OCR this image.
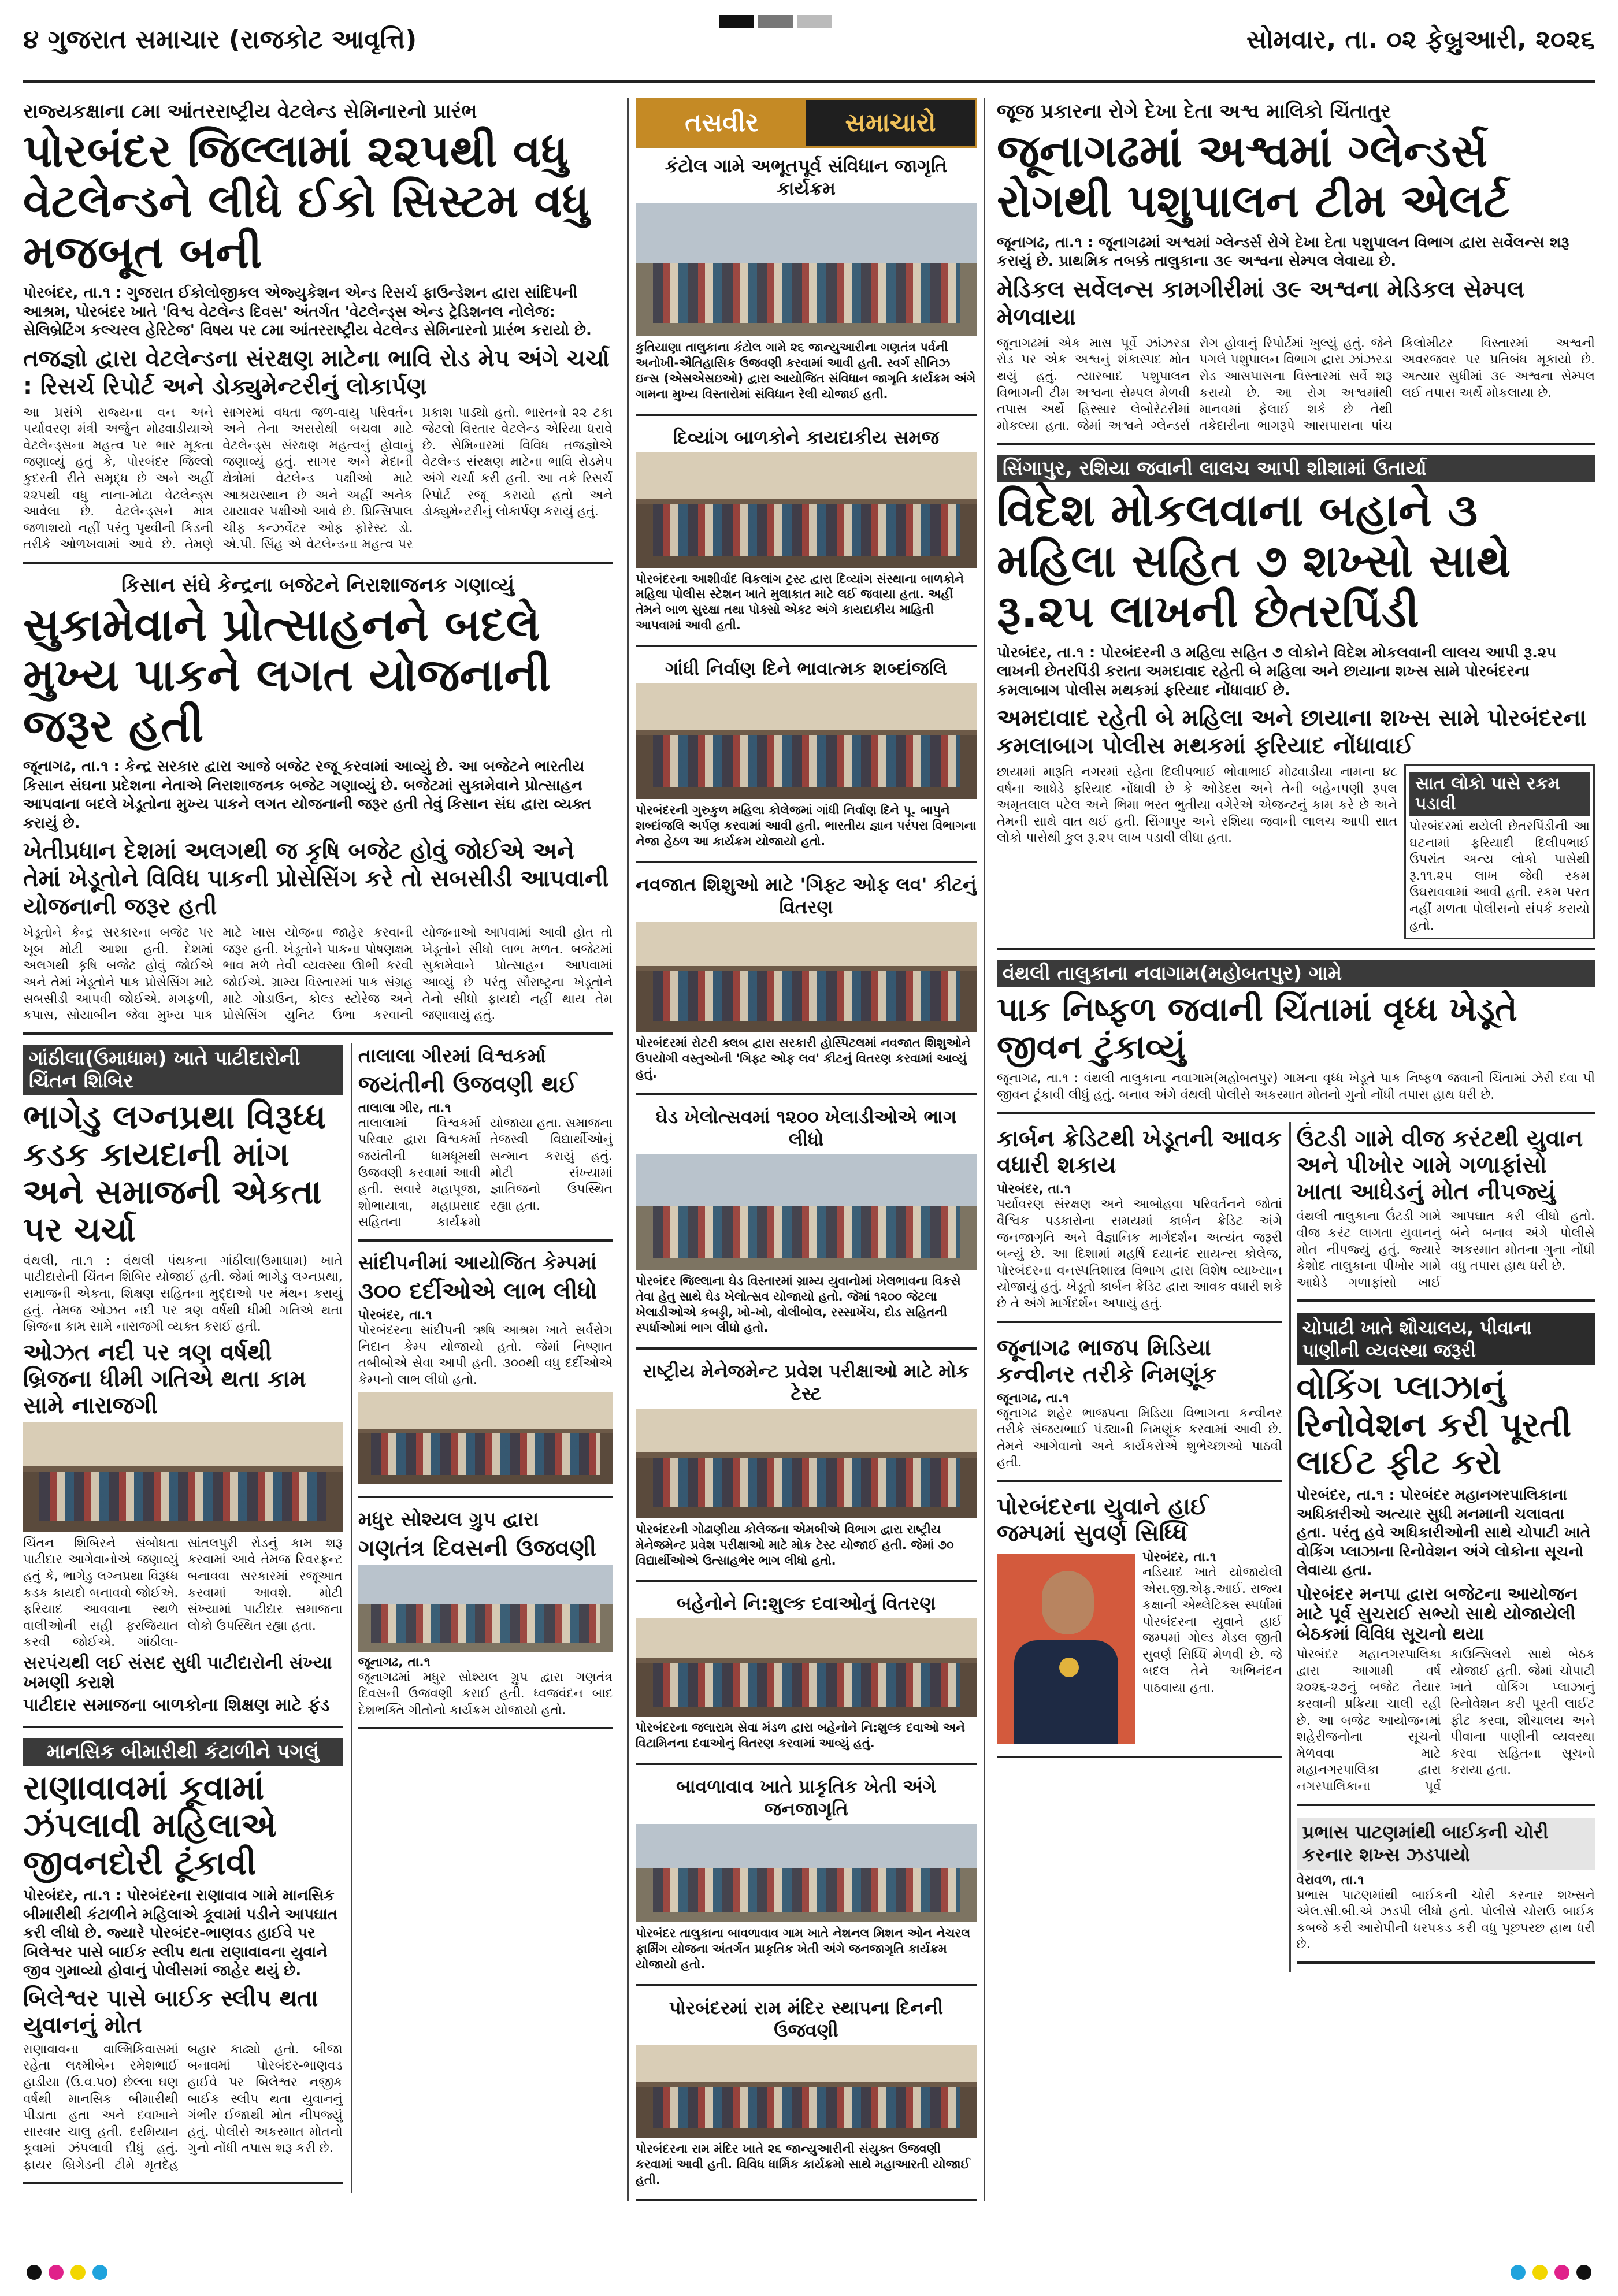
૪ ગુજરાત સમાચાર (રાજકોટ આવૃત્તિ)	સોમવાર, તા. ૦૨ ફેબ્રુઆરી, ૨૦૨૬
રાજ્યકક્ષાના ૮મા આંતરરાષ્ટ્રીય વેટલેન્ડ સેમિનારનો પ્રારંભ
પોરબંદર જિલ્લામાં ૨૨૫થી વધુ વેટલેન્ડને લીધે ઈકો સિસ્ટમ વધુ મજબૂત બની
પોરબંદર, તા.૧ : ગુજરાત ઈકોલોજીકલ એજ્યુકેશન એન્ડ રિસર્ચ ફાઉન્ડેશન દ્વારા સાંદિપની આશ્રમ, પોરબંદર ખાતે 'વિશ્વ વેટલેન્ડ દિવસ' અંતર્ગત 'વેટલેન્ડ્સ એન્ડ ટ્રેડિશનલ નોલેજ: સેલિબ્રેટિંગ કલ્ચરલ હેરિટેજ' વિષય પર ૮મા આંતરરાષ્ટ્રીય વેટલેન્ડ સેમિનારનો પ્રારંભ કરાયો છે.
તજજ્ઞો દ્વારા વેટલેન્ડના સંરક્ષણ માટેના ભાવિ રોડ મેપ અંગે ચર્ચા : રિસર્ચ રિપોર્ટ અને ડોક્યુમેન્ટરીનું લોકાર્પણ
આ પ્રસંગે રાજ્યના વન અને પર્યાવરણ મંત્રી અર્જુન મોઢવાડીયાએ વેટલેન્ડ્સના મહત્વ પર ભાર મૂકતા જણાવ્યું હતું કે, પોરબંદર જિલ્લો કુદરતી રીતે સમૃદ્ધ છે અને અહીં ૨૨૫થી વધુ નાના-મોટા વેટલેન્ડ્સ આવેલા છે. વેટલેન્ડ્સને માત્ર જળાશયો નહીં પરંતુ પૃથ્વીની કિડની તરીકે ઓળખવામાં આવે છે. તેમણે સાગરમાં વધતા જળ-વાયુ પરિવર્તન અને તેના અસરોથી બચવા માટે વેટલેન્ડ્સ સંરક્ષણ મહત્વનું હોવાનું જણાવ્યું હતું. સાગર અને મેદાની ક્ષેત્રોમાં વેટલેન્ડ પક્ષીઓ માટે આશ્રયસ્થાન છે અને અહીં અનેક યાયાવર પક્ષીઓ આવે છે. પ્રિન્સિપાલ ચીફ કન્ઝર્વેટર ઓફ ફોરેસ્ટ ડો. એ.પી. સિંહ એ વેટલેન્ડના મહત્વ પર પ્રકાશ પાડ્યો હતો. ભારતનો ૨૨ ટકા જેટલો વિસ્તાર વેટલેન્ડ એરિયા ધરાવે છે. સેમિનારમાં વિવિધ તજજ્ઞોએ વેટલેન્ડ સંરક્ષણ માટેના ભાવિ રોડમેપ અંગે ચર્ચા કરી હતી. આ તકે રિસર્ચ રિપોર્ટ રજૂ કરાયો હતો અને ડોક્યુમેન્ટરીનું લોકાર્પણ કરાયું હતું.
કિસાન સંઘે કેન્દ્રના બજેટને નિરાશાજનક ગણાવ્યું
સુકામેવાને પ્રોત્સાહનને બદલે મુખ્ય પાકને લગત યોજનાની જરૂર હતી
જૂનાગઢ, તા.૧ : કેન્દ્ર સરકાર દ્વારા આજે બજેટ રજૂ કરવામાં આવ્યું છે. આ બજેટને ભારતીય કિસાન સંઘના પ્રદેશના નેતાએ નિરાશાજનક બજેટ ગણાવ્યું છે. બજેટમાં સુકામેવાને પ્રોત્સાહન આપવાના બદલે ખેડૂતોના મુખ્ય પાકને લગત યોજનાની જરૂર હતી તેવું કિસાન સંઘ દ્વારા વ્યક્ત કરાયું છે.
ખેતીપ્રધાન દેશમાં અલગથી જ કૃષિ બજેટ હોવું જોઈએ અને તેમાં ખેડૂતોને વિવિધ પાકની પ્રોસેસિંગ કરે તો સબસીડી આપવાની યોજનાની જરૂર હતી
ખેડૂતોને કેન્દ્ર સરકારના બજેટ પર ખૂબ મોટી આશા હતી. દેશમાં અલગથી કૃષિ બજેટ હોવું જોઈએ અને તેમાં ખેડૂતોને પાક પ્રોસેસિંગ માટે સબસીડી આપવી જોઈએ. મગફળી, કપાસ, સોયાબીન જેવા મુખ્ય પાક માટે ખાસ યોજના જાહેર કરવાની જરૂર હતી. ખેડૂતોને પાકના પોષણક્ષમ ભાવ મળે તેવી વ્યવસ્થા ઊભી કરવી જોઈએ. ગ્રામ્ય વિસ્તારમાં પાક સંગ્રહ માટે ગોડાઉન, કોલ્ડ સ્ટોરેજ અને પ્રોસેસિંગ યુનિટ ઉભા કરવાની યોજનાઓ આપવામાં આવી હોત તો ખેડૂતોને સીધો લાભ મળત. બજેટમાં સુકામેવાને પ્રોત્સાહન આપવામાં આવ્યું છે પરંતુ સૌરાષ્ટ્રના ખેડૂતોને તેનો સીધો ફાયદો નહીં થાય તેમ જણાવાયું હતું.
ગાંઠીલા(ઉમાધામ) ખાતે પાટીદારોની ચિંતન શિબિર
ભાગેડુ લગ્નપ્રથા વિરૂધ્ધ કડક કાયદાની માંગ અને સમાજની એકતા પર ચર્ચા
વંથલી, તા.૧ : વંથલી પંથકના ગાંઠીલા(ઉમાધામ) ખાતે પાટીદારોની ચિંતન શિબિર યોજાઈ હતી. જેમાં ભાગેડુ લગ્નપ્રથા, સમાજની એકતા, શિક્ષણ સહિતના મુદ્દાઓ પર મંથન કરાયું હતું. તેમજ ઓઝત નદી પર ત્રણ વર્ષથી ધીમી ગતિએ થતા બ્રિજના કામ સામે નારાજગી વ્યક્ત કરાઈ હતી.
ઓઝત નદી પર ત્રણ વર્ષથી બ્રિજના ધીમી ગતિએ થતા કામ સામે નારાજગી
ચિંતન શિબિરને સંબોધતા પાટીદાર આગેવાનોએ જણાવ્યું હતું કે, ભાગેડુ લગ્નપ્રથા વિરૂધ્ધ કડક કાયદો બનાવવો જોઈએ. ફરિયાદ આવવાના સ્થળે વાલીઓની સહી ફરજિયાત કરવી જોઈએ. ગાંઠીલા-સાંતલપુરી રોડનું કામ શરૂ કરવામાં આવે તેમજ રિવરફ્રન્ટ બનાવવા સરકારમાં રજૂઆત કરવામાં આવશે. મોટી સંખ્યામાં પાટીદાર સમાજના લોકો ઉપસ્થિત રહ્યા હતા.
સરપંચથી લઈ સંસદ સુધી પાટીદારોની સંખ્યા ખમણી કરાશે
પાટીદાર સમાજના બાળકોના શિક્ષણ માટે ફંડ
માનસિક બીમારીથી કંટાળીને પગલું
રાણાવાવમાં કૂવામાં ઝંપલાવી મહિલાએ જીવનદોરી ટૂંકાવી
પોરબંદર, તા.૧ : પોરબંદરના રાણાવાવ ગામે માનસિક બીમારીથી કંટાળીને મહિલાએ કૂવામાં પડીને આપઘાત કરી લીધો છે. જ્યારે પોરબંદર-ભાણવડ હાઈવે પર બિલેશ્વર પાસે બાઈક સ્લીપ થતા રાણાવાવના યુવાને જીવ ગુમાવ્યો હોવાનું પોલીસમાં જાહેર થયું છે.
બિલેશ્વર પાસે બાઈક સ્લીપ થતા યુવાનનું મોત
રાણાવાવના વાલ્મિકિવાસમાં રહેતા લક્ષ્મીબેન રમેશભાઈ હાડીયા (ઉ.વ.૫૦) છેલ્લા ઘણ વર્ષથી માનસિક બીમારીથી પીડાતા હતા અને દવાખાને સારવાર ચાલુ હતી. દરમિયાન કૂવામાં ઝંપલાવી દીધું હતું. ફાયર બ્રિગેડની ટીમે મૃતદેહ બહાર કાઢ્યો હતો. બીજા બનાવમાં પોરબંદર-ભાણવડ હાઈવે પર બિલેશ્વર નજીક બાઈક સ્લીપ થતા યુવાનનું ગંભીર ઈજાથી મોત નીપજ્યું હતું. પોલીસે અકસ્માત મોતનો ગુનો નોંધી તપાસ શરૂ કરી છે.
તાલાલા ગીરમાં વિશ્વકર્મા
જયંતીની ઉજવણી થઈ
તાલાલા ગીર, તા.૧
તાલાલામાં વિશ્વકર્મા પરિવાર દ્વારા વિશ્વકર્મા જયંતીની ધામધૂમથી ઉજવણી કરવામાં આવી હતી. સવારે મહાપૂજા, શોભાયાત્રા, મહાપ્રસાદ સહિતના કાર્યક્રમો યોજાયા હતા. સમાજના તેજસ્વી વિદ્યાર્થીઓનું સન્માન કરાયું હતું. મોટી સંખ્યામાં જ્ઞાતિજનો ઉપસ્થિત રહ્યા હતા.
સાંદીપનીમાં આયોજિત કેમ્પમાં
૩૦૦ દર્દીઓએ લાભ લીધો
પોરબંદર, તા.૧
પોરબંદરના સાંદીપની ઋષિ આશ્રમ ખાતે સર્વરોગ નિદાન કેમ્પ યોજાયો હતો. જેમાં નિષ્ણાત તબીબોએ સેવા આપી હતી. ૩૦૦થી વધુ દર્દીઓએ કેમ્પનો લાભ લીધો હતો.
મધુર સોશ્યલ ગ્રુપ દ્વારા
ગણતંત્ર દિવસની ઉજવણી
જૂનાગઢ, તા.૧
જૂનાગઢમાં મધુર સોશ્યલ ગ્રુપ દ્વારા ગણતંત્ર દિવસની ઉજવણી કરાઈ હતી. ધ્વજવંદન બાદ દેશભક્તિ ગીતોનો કાર્યક્રમ યોજાયો હતો.
તસવીર	સમાચારો
કંટોલ ગામે અભૂતપૂર્વ સંવિધાન જાગૃતિ કાર્યક્રમ
કુતિયાણા તાલુકાના કંટોલ ગામે ૨૬ જાન્યુઆરીના ગણતંત્ર પર્વની અનોખી-ઐતિહાસિક ઉજવણી કરવામાં આવી હતી. સ્વર્ગ સીનિઝ ઇન્સ (એસએસઇઓ) દ્વારા આયોજિત સંવિધાન જાગૃતિ કાર્યક્રમ અંગે ગામના મુખ્ય વિસ્તારોમાં સંવિધાન રેલી યોજાઈ હતી.
દિવ્યાંગ બાળકોને કાયદાકીય સમજ
પોરબંદરના આશીર્વાદ વિકલાંગ ટ્રસ્ટ દ્વારા દિવ્યાંગ સંસ્થાના બાળકોને મહિલા પોલીસ સ્ટેશન ખાતે મુલાકાત માટે લઈ જવાયા હતા. અહીં તેમને બાળ સુરક્ષા તથા પોક્સો એક્ટ અંગે કાયદાકીય માહિતી આપવામાં આવી હતી.
ગાંધી નિર્વાણ દિને ભાવાત્મક શબ્દાંજલિ
પોરબંદરની ગુરુકુળ મહિલા કોલેજમાં ગાંધી નિર્વાણ દિને પૂ. બાપુને શબ્દાંજલિ અર્પણ કરવામાં આવી હતી. ભારતીય જ્ઞાન પરંપરા વિભાગના નેજા હેઠળ આ કાર્યક્રમ યોજાયો હતો.
નવજાત શિશુઓ માટે 'ગિફ્ટ ઓફ લવ' કીટનું વિતરણ
પોરબંદરમાં રોટરી ક્લબ દ્વારા સરકારી હોસ્પિટલમાં નવજાત શિશુઓને ઉપયોગી વસ્તુઓની 'ગિફ્ટ ઓફ લવ' કીટનું વિતરણ કરવામાં આવ્યું હતું.
ઘેડ ખેલોત્સવમાં ૧૨૦૦ ખેલાડીઓએ ભાગ લીધો
પોરબંદર જિલ્લાના ઘેડ વિસ્તારમાં ગ્રામ્ય યુવાનોમાં ખેલભાવના વિકસે તેવા હેતુ સાથે ઘેડ ખેલોત્સવ યોજાયો હતો. જેમાં ૧૨૦૦ જેટલા ખેલાડીઓએ કબડ્ડી, ખો-ખો, વોલીબોલ, રસ્સાખેંચ, દોડ સહિતની સ્પર્ધાઓમાં ભાગ લીધો હતો.
રાષ્ટ્રીય મેનેજમેન્ટ પ્રવેશ પરીક્ષાઓ માટે મોક ટેસ્ટ
પોરબંદરની ગોઢાણીયા કોલેજના એમબીએ વિભાગ દ્વારા રાષ્ટ્રીય મેનેજમેન્ટ પ્રવેશ પરીક્ષાઓ માટે મોક ટેસ્ટ યોજાઈ હતી. જેમાં ૭૦ વિદ્યાર્થીઓએ ઉત્સાહભેર ભાગ લીધો હતો.
બહેનોને નિ:શુલ્ક દવાઓનું વિતરણ
પોરબંદરના જલારામ સેવા મંડળ દ્વારા બહેનોને નિ:શુલ્ક દવાઓ અને વિટામિનના દવાઓનું વિતરણ કરવામાં આવ્યું હતું.
બાવળાવાવ ખાતે પ્રાકૃતિક ખેતી અંગે જનજાગૃતિ
પોરબંદર તાલુકાના બાવળાવાવ ગામ ખાતે નેશનલ મિશન ઓન નેચરલ ફાર્મિંગ યોજના અંતર્ગત પ્રાકૃતિક ખેતી અંગે જનજાગૃતિ કાર્યક્રમ યોજાયો હતો.
પોરબંદરમાં રામ મંદિર સ્થાપના દિનની ઉજવણી
પોરબંદરના રામ મંદિર ખાતે ૨૬ જાન્યુઆરીની સંયુક્ત ઉજવણી કરવામાં આવી હતી. વિવિધ ધાર્મિક કાર્યક્રમો સાથે મહાઆરતી યોજાઈ હતી.
જૂજ પ્રકારના રોગે દેખા દેતા અશ્વ માલિકો ચિંતાતુર
જૂનાગઢમાં અશ્વમાં ગ્લેન્ડર્સ રોગથી પશુપાલન ટીમ એલર્ટ
જૂનાગઢ, તા.૧ : જૂનાગઢમાં અશ્વમાં ગ્લેન્ડર્સ રોગે દેખા દેતા પશુપાલન વિભાગ દ્વારા સર્વેલન્સ શરૂ કરાયું છે. પ્રાથમિક તબક્કે તાલુકાના ૩૯ અશ્વના સેમ્પલ લેવાયા છે.
મેડિકલ સર્વેલન્સ કામગીરીમાં ૩૯ અશ્વના મેડિકલ સેમ્પલ મેળવાયા
જૂનાગઢમાં એક માસ પૂર્વે ઝાંઝરડા રોડ પર એક અશ્વનું શંકાસ્પદ મોત થયું હતું. ત્યારબાદ પશુપાલન વિભાગની ટીમ અશ્વના સેમ્પલ મેળવી તપાસ અર્થે હિસ્સાર લેબોરેટરીમાં મોકલ્યા હતા. જેમાં અશ્વને ગ્લેન્ડર્સ રોગ હોવાનું રિપોર્ટમાં ખુલ્યું હતું. જેને પગલે પશુપાલન વિભાગ દ્વારા ઝાંઝરડા રોડ આસપાસના વિસ્તારમાં સર્વે શરૂ કરાયો છે. આ રોગ અશ્વમાંથી માનવમાં ફેલાઈ શકે છે તેથી તકેદારીના ભાગરૂપે આસપાસના પાંચ કિલોમીટર વિસ્તારમાં અશ્વની અવરજવર પર પ્રતિબંધ મૂકાયો છે. અત્યાર સુધીમાં ૩૯ અશ્વના સેમ્પલ લઈ તપાસ અર્થે મોકલાયા છે.
સિંગાપુર, રશિયા જવાની લાલચ આપી શીશામાં ઉતાર્યા
વિદેશ મોકલવાના બહાને ૩ મહિલા સહિત ૭ શખ્સો સાથે રૂ.૨૫ લાખની છેતરપિંડી
પોરબંદર, તા.૧ : પોરબંદરની ૩ મહિલા સહિત ૭ લોકોને વિદેશ મોકલવાની લાલચ આપી રૂ.૨૫ લાખની છેતરપિંડી કરાતા અમદાવાદ રહેતી બે મહિલા અને છાયાના શખ્સ સામે પોરબંદરના કમલાબાગ પોલીસ મથકમાં ફરિયાદ નોંધાવાઈ છે.
અમદાવાદ રહેતી બે મહિલા અને છાયાના શખ્સ સામે પોરબંદરના કમલાબાગ પોલીસ મથકમાં ફરિયાદ નોંધાવાઈ
છાયામાં મારૂતિ નગરમાં રહેતા દિલીપભાઈ ભોવાભાઈ મોઢવાડીયા નામના ૪૮ વર્ષના આધેડે ફરિયાદ નોંધાવી છે કે ઓડેદરા અને તેની બહેનપણી રૂપલ અમૃતલાલ પટેલ અને ભિમા ભરત ભુતીયા વગેરેએ એજન્ટનું કામ કરે છે અને તેમની સાથે વાત થઈ હતી. સિંગાપુર અને રશિયા જવાની લાલચ આપી સાત લોકો પાસેથી કુલ રૂ.૨૫ લાખ પડાવી લીધા હતા.
સાત લોકો પાસે રકમ પડાવી
પોરબંદરમાં થયેલી છેતરપિંડીની આ ઘટનામાં ફરિયાદી દિલીપભાઈ ઉપરાંત અન્ય લોકો પાસેથી રૂ.૧૧.૨૫ લાખ જેવી રકમ ઉઘરાવવામાં આવી હતી. રકમ પરત નહીં મળતા પોલીસનો સંપર્ક કરાયો હતો.
વંથલી તાલુકાના નવાગામ(મહોબતપુર) ગામે
પાક નિષ્ફળ જવાની ચિંતામાં વૃધ્ધ ખેડૂતે જીવન ટુંકાવ્યું
જૂનાગઢ, તા.૧ : વંથલી તાલુકાના નવાગામ(મહોબતપુર) ગામના વૃધ્ધ ખેડૂતે પાક નિષ્ફળ જવાની ચિંતામાં ઝેરી દવા પી જીવન ટૂંકાવી લીધું હતું. બનાવ અંગે વંથલી પોલીસે અકસ્માત મોતનો ગુનો નોંધી તપાસ હાથ ધરી છે.
કાર્બન ક્રેડિટથી ખેડૂતની આવક વધારી શકાય
પોરબંદર, તા.૧
પર્યાવરણ સંરક્ષણ અને આબોહવા પરિવર્તનને જોતાં વૈશ્વિક પડકારોના સમયમાં કાર્બન ક્રેડિટ અંગે જનજાગૃતિ અને વૈજ્ઞાનિક માર્ગદર્શન અત્યંત જરૂરી બન્યું છે. આ દિશામાં મહર્ષિ દયાનંદ સાયન્સ કોલેજ, પોરબંદરના વનસ્પતિશાસ્ત્ર વિભાગ દ્વારા વિશેષ વ્યાખ્યાન યોજાયું હતું. ખેડૂતો કાર્બન ક્રેડિટ દ્વારા આવક વધારી શકે છે તે અંગે માર્ગદર્શન અપાયું હતું.
જૂનાગઢ ભાજપ મિડિયા કન્વીનર તરીકે નિમણૂંક
જૂનાગઢ, તા.૧
જૂનાગઢ શહેર ભાજપના મિડિયા વિભાગના કન્વીનર તરીકે સંજયભાઈ પંડ્યાની નિમણૂંક કરવામાં આવી છે. તેમને આગેવાનો અને કાર્યકરોએ શુભેચ્છાઓ પાઠવી હતી.
પોરબંદરના યુવાને હાઈ જમ્પમાં સુવર્ણ સિધ્ધિ
પોરબંદર, તા.૧
નડિયાદ ખાતે યોજાયેલી એસ.જી.એફ.આઈ. રાજ્ય કક્ષાની એથ્લેટિક્સ સ્પર્ધામાં પોરબંદરના યુવાને હાઈ જમ્પમાં ગોલ્ડ મેડલ જીતી સુવર્ણ સિધ્ધિ મેળવી છે. જે બદલ તેને અભિનંદન પાઠવાયા હતા.
ઉંટડી ગામે વીજ કરંટથી યુવાન અને પીખોર ગામે ગળાફાંસો ખાતા આધેડનું મોત નીપજ્યું
વંથલી તાલુકાના ઉંટડી ગામે વીજ કરંટ લાગતા યુવાનનું મોત નીપજ્યું હતું. જ્યારે કેશોદ તાલુકાના પીખોર ગામે આધેડે ગળાફાંસો ખાઈ આપઘાત કરી લીધો હતો. બંને બનાવ અંગે પોલીસે અકસ્માત મોતના ગુના નોંધી વધુ તપાસ હાથ ધરી છે.
ચોપાટી ખાતે શૌચાલય, પીવાના પાણીની વ્યવસ્થા જરૂરી
વોકિંગ પ્લાઝાનું રિનોવેશન કરી પૂરતી લાઈટ ફીટ કરો
પોરબંદર, તા.૧ : પોરબંદર મહાનગરપાલિકાના અધિકારીઓ અત્યાર સુધી મનમાની ચલાવતા હતા. પરંતુ હવે અધિકારીઓની સાથે ચોપાટી ખાતે વોકિંગ પ્લાઝાના રિનોવેશન અંગે લોકોના સૂચનો લેવાયા હતા.
પોરબંદર મનપા દ્વારા બજેટના આયોજન માટે પૂર્વ સુચરાઈ સભ્યો સાથે યોજાયેલી બેઠકમાં વિવિધ સૂચનો થયા
પોરબંદર મહાનગરપાલિકા દ્વારા આગામી વર્ષ ૨૦૨૬-૨૭નું બજેટ તૈયાર કરવાની પ્રક્રિયા ચાલી રહી છે. આ બજેટ આયોજનમાં શહેરીજનોના સૂચનો મેળવવા માટે મહાનગરપાલિકા દ્વારા નગરપાલિકાના પૂર્વ કાઉન્સિલરો સાથે બેઠક યોજાઈ હતી. જેમાં ચોપાટી ખાતે વોકિંગ પ્લાઝાનું રિનોવેશન કરી પૂરતી લાઈટ ફીટ કરવા, શૌચાલય અને પીવાના પાણીની વ્યવસ્થા કરવા સહિતના સૂચનો કરાયા હતા.
પ્રભાસ પાટણમાંથી બાઈકની ચોરી કરનાર શખ્સ ઝડપાયો
વેરાવળ, તા.૧
પ્રભાસ પાટણમાંથી બાઈકની ચોરી કરનાર શખ્સને એલ.સી.બી.એ ઝડપી લીધો હતો. પોલીસે ચોરાઉ બાઈક કબજે કરી આરોપીની ધરપકડ કરી વધુ પૂછપરછ હાથ ધરી છે.
